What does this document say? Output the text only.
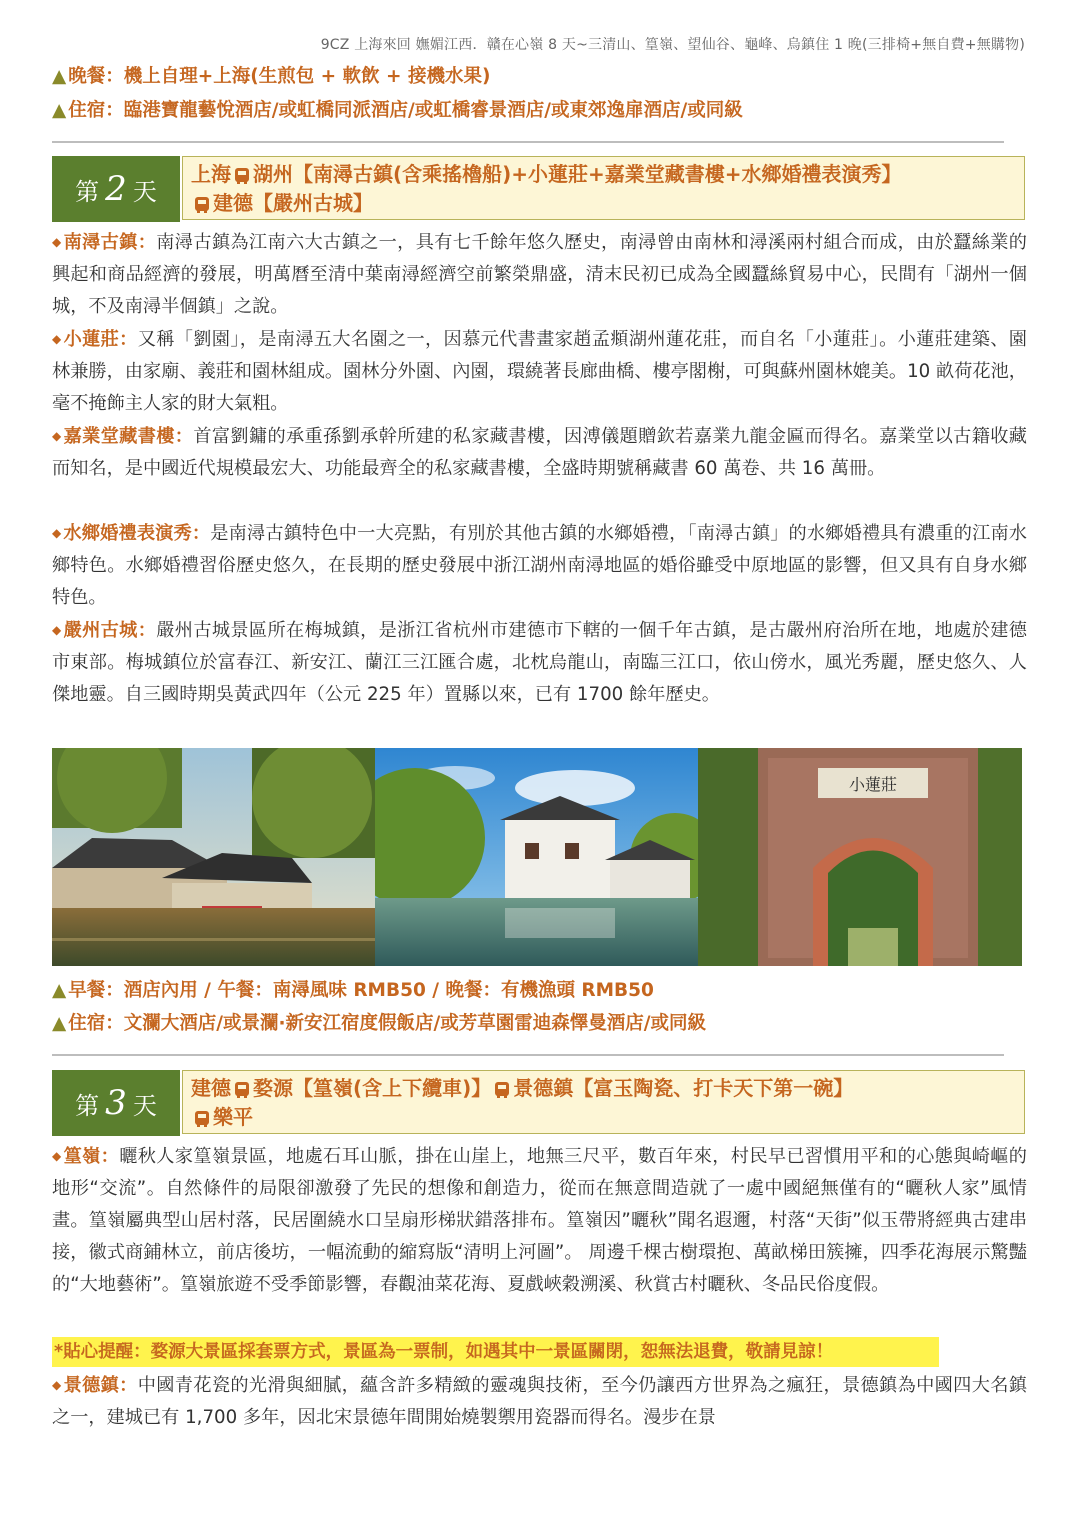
9CZ 上海來回 嫵媚江西．贛在心嶺 8 天~三清山、篁嶺、望仙谷、龜峰、烏鎮住 1 晚(三排椅+無自費+無購物)
▲ 晚餐：機上自理+上海(生煎包 + 軟飲 + 接機水果)
▲ 住宿：臨港寶龍藝悅酒店/或虹橋同派酒店/或虹橋睿景酒店/或東郊逸扉酒店/或同級
第 2 天
上海 湖州【南潯古鎮(含乘搖櫓船)+小蓮莊+嘉業堂藏書樓+水鄉婚禮表演秀】
建德【嚴州古城】
◆ 南潯古鎮：南潯古鎮為江南六大古鎮之一，具有七千餘年悠久歷史，南潯曾由南林和潯溪兩村組合而成，由於蠶絲業的興起和商品經濟的發展，明萬曆至清中葉南潯經濟空前繁榮鼎盛，清末民初已成為全國蠶絲貿易中心，民間有「湖州一個城，不及南潯半個鎮」之說。
◆ 小蓮莊：又稱「劉園」，是南潯五大名園之一，因慕元代書畫家趙孟頫湖州蓮花莊，而自名「小蓮莊」。小蓮莊建築、園林兼勝，由家廟、義莊和園林組成。園林分外園、內園，環繞著長廊曲橋、樓亭閣榭，可與蘇州園林媲美。10 畝荷花池，毫不掩飾主人家的財大氣粗。
◆ 嘉業堂藏書樓：首富劉鏞的承重孫劉承幹所建的私家藏書樓，因溥儀題贈欽若嘉業九龍金匾而得名。嘉業堂以古籍收藏而知名，是中國近代規模最宏大、功能最齊全的私家藏書樓，全盛時期號稱藏書 60 萬卷、共 16 萬冊。
◆ 水鄉婚禮表演秀：是南潯古鎮特色中一大亮點，有別於其他古鎮的水鄉婚禮，「南潯古鎮」的水鄉婚禮具有濃重的江南水鄉特色。水鄉婚禮習俗歷史悠久，在長期的歷史發展中浙江湖州南潯地區的婚俗雖受中原地區的影響，但又具有自身水鄉特色。
◆ 嚴州古城：嚴州古城景區所在梅城鎮，是浙江省杭州市建德市下轄的一個千年古鎮，是古嚴州府治所在地，地處於建德市東部。梅城鎮位於富春江、新安江、蘭江三江匯合處，北枕烏龍山，南臨三江口，依山傍水，風光秀麗，歷史悠久、人傑地靈。自三國時期吳黃武四年（公元 225 年）置縣以來，已有 1700 餘年歷史。
小蓮莊
▲ 早餐：酒店內用 / 午餐：南潯風味 RMB50 / 晚餐：有機漁頭 RMB50
▲ 住宿：文瀾大酒店/或景瀾·新安江宿度假飯店/或芳草園雷迪森懌曼酒店/或同級
第 3 天
建德 婺源【篁嶺(含上下纜車)】 景德鎮【富玉陶瓷、打卡天下第一碗】
樂平
◆ 篁嶺：曬秋人家篁嶺景區，地處石耳山脈，掛在山崖上，地無三尺平，數百年來，村民早已習慣用平和的心態與崎嶇的地形“交流”。自然條件的局限卻激發了先民的想像和創造力，從而在無意間造就了一處中國絕無僅有的“曬秋人家”風情畫。篁嶺屬典型山居村落，民居圍繞水口呈扇形梯狀錯落排布。篁嶺因”曬秋”聞名遐邇，村落“天街”似玉帶將經典古建串接，徽式商鋪林立，前店後坊，一幅流動的縮寫版“清明上河圖”。 周邊千棵古樹環抱、萬畝梯田簇擁，四季花海展示驚豔的“大地藝術”。篁嶺旅遊不受季節影響，春觀油菜花海、夏戲峽穀溯溪、秋賞古村曬秋、冬品民俗度假。
*貼心提醒：婺源大景區採套票方式，景區為一票制，如遇其中一景區關閉，恕無法退費，敬請見諒！
◆ 景德鎮：中國青花瓷的光滑與細膩，蘊含許多精緻的靈魂與技術，至今仍讓西方世界為之瘋狂，景德鎮為中國四大名鎮之一，建城已有 1,700 多年，因北宋景德年間開始燒製禦用瓷器而得名。漫步在景
